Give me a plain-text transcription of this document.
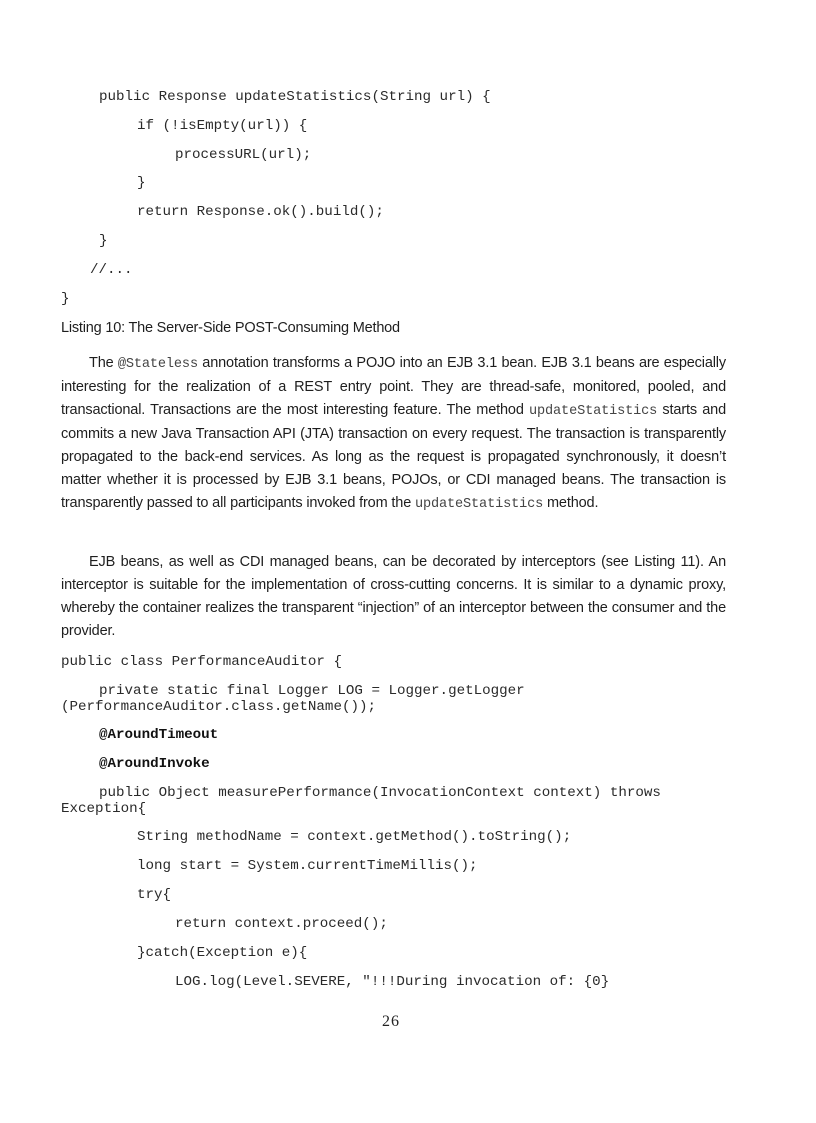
public Response updateStatistics(String url) {
if (!isEmpty(url)) {
processURL(url);
}
return Response.ok().build();
}
//...
}
Listing 10: The Server-Side POST-Consuming Method

The @Stateless annotation transforms a POJO into an EJB 3.1 bean. EJB 3.1 beans are especially interesting for the realization of a REST entry point. They are thread-safe, monitored, pooled, and transactional. Transactions are the most interesting feature. The method updateStatistics starts and commits a new Java Transaction API (JTA) transaction on every request. The transaction is transparently propagated to the back-end services. As long as the request is propagated synchronously, it doesn’t matter whether it is processed by EJB 3.1 beans, POJOs, or CDI managed beans. The transaction is transparently passed to all participants invoked from the updateStatistics method.

EJB beans, as well as CDI managed beans, can be decorated by interceptors (see Listing 11). An interceptor is suitable for the implementation of cross-cutting concerns. It is similar to a dynamic proxy, whereby the container realizes the transparent “injection” of an interceptor between the consumer and the provider.

public class PerformanceAuditor {
private static final Logger LOG = Logger.getLogger
(PerformanceAuditor.class.getName());
@AroundTimeout
@AroundInvoke
public Object measurePerformance(InvocationContext context) throws
Exception{
String methodName = context.getMethod().toString();
long start = System.currentTimeMillis();
try{
return context.proceed();
}catch(Exception e){
LOG.log(Level.SEVERE, "!!!During invocation of: {0}
26
